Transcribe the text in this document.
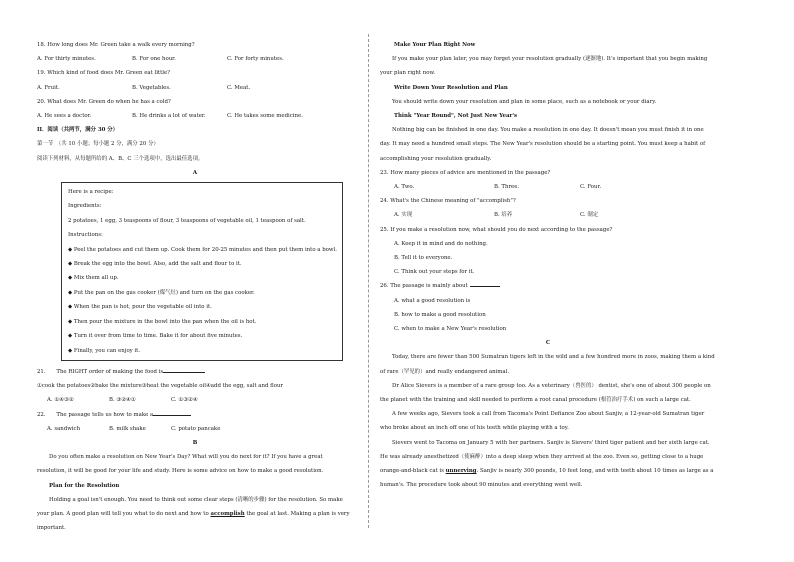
18. How long does Mr. Green take a walk every morning?
A. For thirty minutes.	B. For one hour.	C. For forty minutes.
19. Which kind of food does Mr. Green eat little?
A. Fruit.	B. Vegetables.	C. Meat.
20. What does Mr. Green do when he has a cold?
A. He sees a doctor.	B. He drinks a lot of water.	C. He takes some medicine.
II．阅读（共两节，满分 30 分）
第一节　（共 10 小题；每小题 2 分，满分 20 分）
阅读下列材料，从每题所给的 A、B、C 三个选项中，选出最佳选项。
A
Here is a recipe:
Ingredients:
2 potatoes, 1 egg, 3 teaspoons of flour, 3 teaspoons of vegetable oil, 1 teaspoon of salt.
Instructions:
◆ Peel the potatoes and cut them up. Cook them for 20-25 minutes and then put them into a bowl.
◆ Break the egg into the bowl. Also, add the salt and flour to it.
◆ Mix them all up.
◆ Put the pan on the gas cooker (煤气灶) and turn on the gas cooker.
◆ When the pan is hot, pour the vegetable oil into it.
◆ Then pour the mixture in the bowl into the pan when the oil is hot.
◆ Turn it over from time to time. Bake it for about five minutes.
◆ Finally, you can enjoy it.
21.　　The RIGHT order of making the food is
①cook the potatoes②bake the mixture③heat the vegetable oil④add the egg, salt and flour
A. ①④③②	B. ③②④①	C. ①③②④
22.　　The passage tells us how to make a
A. sandwich	B. milk shake	C. potato pancake
B
Do you often make a resolution on New Year's Day? What will you do next for it? If you have a great resolution, it will be good for your life and study. Here is some advice on how to make a good resolution.
Plan for the Resolution
Holding a goal isn't enough. You need to think out some clear steps (清晰的步骤) for the resolution. So make your plan. A good plan will tell you what to do next and how to accomplish the goal at last. Making a plan is very important.
Make Your Plan Right Now
If you make your plan later, you may forget your resolution gradually (逐渐地). It's important that you begin making your plan right now.
Write Down Your Resolution and Plan
You should write down your resolution and plan in some place, such as a notebook or your diary.
Think "Year Round", Not Just New Year's
Nothing big can be finished in one day. You make a resolution in one day. It doesn't mean you must finish it in one day. It may need a hundred small steps. The New Year's resolution should be a starting point. You must keep a habit of accomplishing your resolution gradually.
23. How many pieces of advice are mentioned in the passage?
A. Two.	B. Three.	C. Four.
24. What's the Chinese meaning of "accomplish"?
A. 实现	B. 培养	C. 制定
25. If you make a resolution now, what should you do next according to the passage?
A. Keep it in mind and do nothing.
B. Tell it to everyone.
C. Think out your steps for it.
26. The passage is mainly about
A. what a good resolution is
B. how to make a good resolution
C. when to make a New Year's resolution
C
Today, there are fewer than 500 Sumatran tigers left in the wild and a few hundred more in zoos, making them a kind of rare（罕见的）and really endangered animal.
Dr Alice Sievers is a member of a rare group too. As a veterinary（兽医的） dentist, she's one of about 300 people on the planet with the training and skill needed to perform a root canal procedure (根管治疗手术) on such a large cat.
A few weeks ago, Sievers took a call from Tacoma's Point Defiance Zoo about Sanjiv, a 12-year-old Sumatran tiger who broke about an inch off one of his teeth while playing with a toy.
Sievers went to Tacoma on January 5 with her partners. Sanjiv is Sievers' third tiger patient and her sixth large cat. He was already anesthetized（使麻醉）into a deep sleep when they arrived at the zoo. Even so, getting close to a huge orange-and-black cat is unnerving. Sanjiv is nearly 300 pounds, 10 feet long, and with teeth about 10 times as large as a human's. The procedure took about 90 minutes and everything went well.
